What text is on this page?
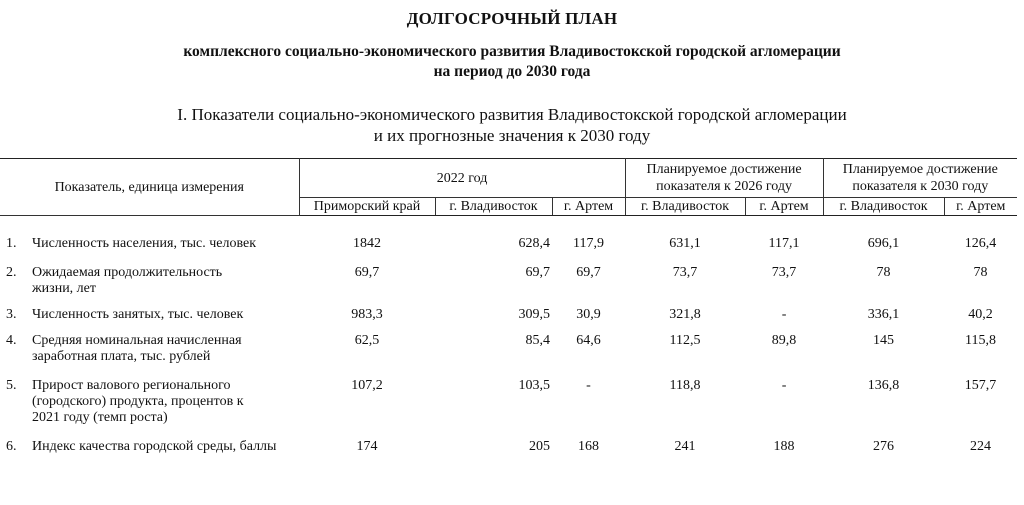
ДОЛГОСРОЧНЫЙ ПЛАН
комплексного социально-экономического развития Владивостокской городской агломерации
на период до 2030 года
I. Показатели социально-экономического развития Владивостокской городской агломерации
и их прогнозные значения к 2030 году
Показатель, единица измерения	2022 год	
Планируемое достижение
показателя к 2026 году

Планируемое достижение
показателя к 2030 году

	Приморский край	г. Владивосток	г. Артем	г. Владивосток	г. Артем	г. Владивосток	г. Артем

1. Численность населения, тыс. человек	1842	628,4	117,9	631,1	117,1	696,1	126,4

2. Ожидаемая продолжительность жизни, лет	69,7	69,7	69,7	73,7	73,7	78	78

3. Численность занятых, тыс. человек	983,3	309,5	30,9	321,8	-	336,1	40,2

4. Средняя номинальная начисленная заработная плата, тыс. рублей	62,5	85,4	64,6	112,5	89,8	145	115,8

5. Прирост валового регионального (городского) продукта, процентов к 2021 году (темп роста)	107,2	103,5	-	118,8	-	136,8	157,7

6. Индекс качества городской среды, баллы	174	205	168	241	188	276	224
